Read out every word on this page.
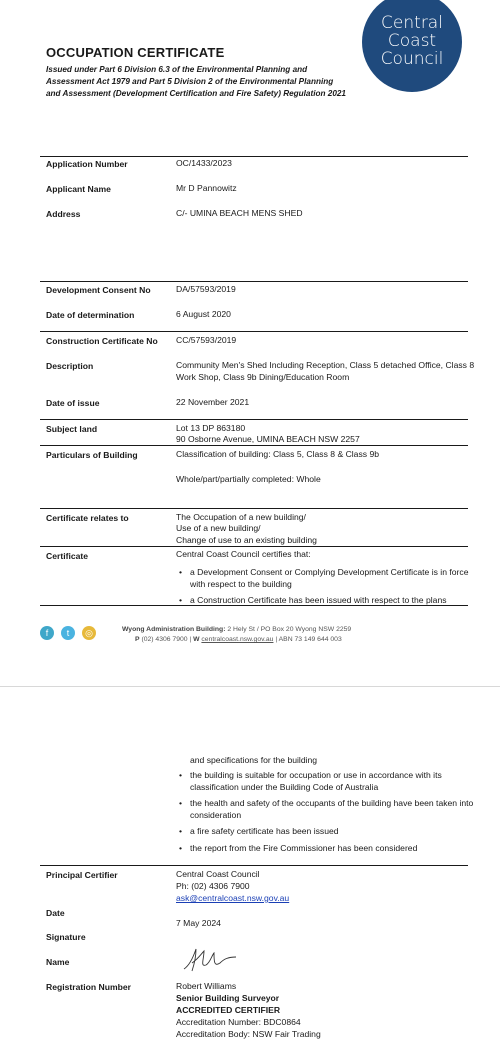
Central
Coast
Council
OCCUPATION CERTIFICATE
Issued under Part 6 Division 6.3 of the Environmental Planning and Assessment Act 1979 and Part 5 Division 2 of the Environmental Planning and Assessment (Development Certification and Fire Safety) Regulation 2021
Application Number	OC/1433/2023
Applicant Name	Mr D Pannowitz
Address	C/- UMINA BEACH MENS SHED
Development Consent No	DA/57593/2019
Date of determination	6 August 2020
Construction Certificate No CC/57593/2019
Description	Community Men's Shed Including Reception, Class 5 detached Office, Class 8 Work Shop, Class 9b Dining/Education Room
Date of issue	22 November 2021
Subject land	Lot 13 DP 863180
90 Osborne Avenue, UMINA BEACH NSW 2257
Particulars of Building	Classification of building: Class 5, Class 8 & Class 9b
Whole/part/partially completed: Whole
Certificate relates to	The Occupation of a new building/
Use of a new building/
Change of use to an existing building
Certificate	Central Coast Council certifies that:
• a Development Consent or Complying Development Certificate is in force with respect to the building
• a Construction Certificate has been issued with respect to the plans
f	t	◎	Wyong Administration Building: 2 Hely St / PO Box 20 Wyong NSW 2259
P (02) 4306 7900 | W centralcoast.nsw.gov.au | ABN 73 149 644 003
and specifications for the building
• the building is suitable for occupation or use in accordance with its classification under the Building Code of Australia
• the health and safety of the occupants of the building have been taken into consideration
• a fire safety certificate has been issued
• the report from the Fire Commissioner has been considered
Principal Certifier	Central Coast Council
Ph: (02) 4306 7900
ask@centralcoast.nsw.gov.au
Date
7 May 2024
Signature
Name
Registration Number	Robert Williams
Senior Building Surveyor
ACCREDITED CERTIFIER
Accreditation Number: BDC0864
Accreditation Body: NSW Fair Trading
